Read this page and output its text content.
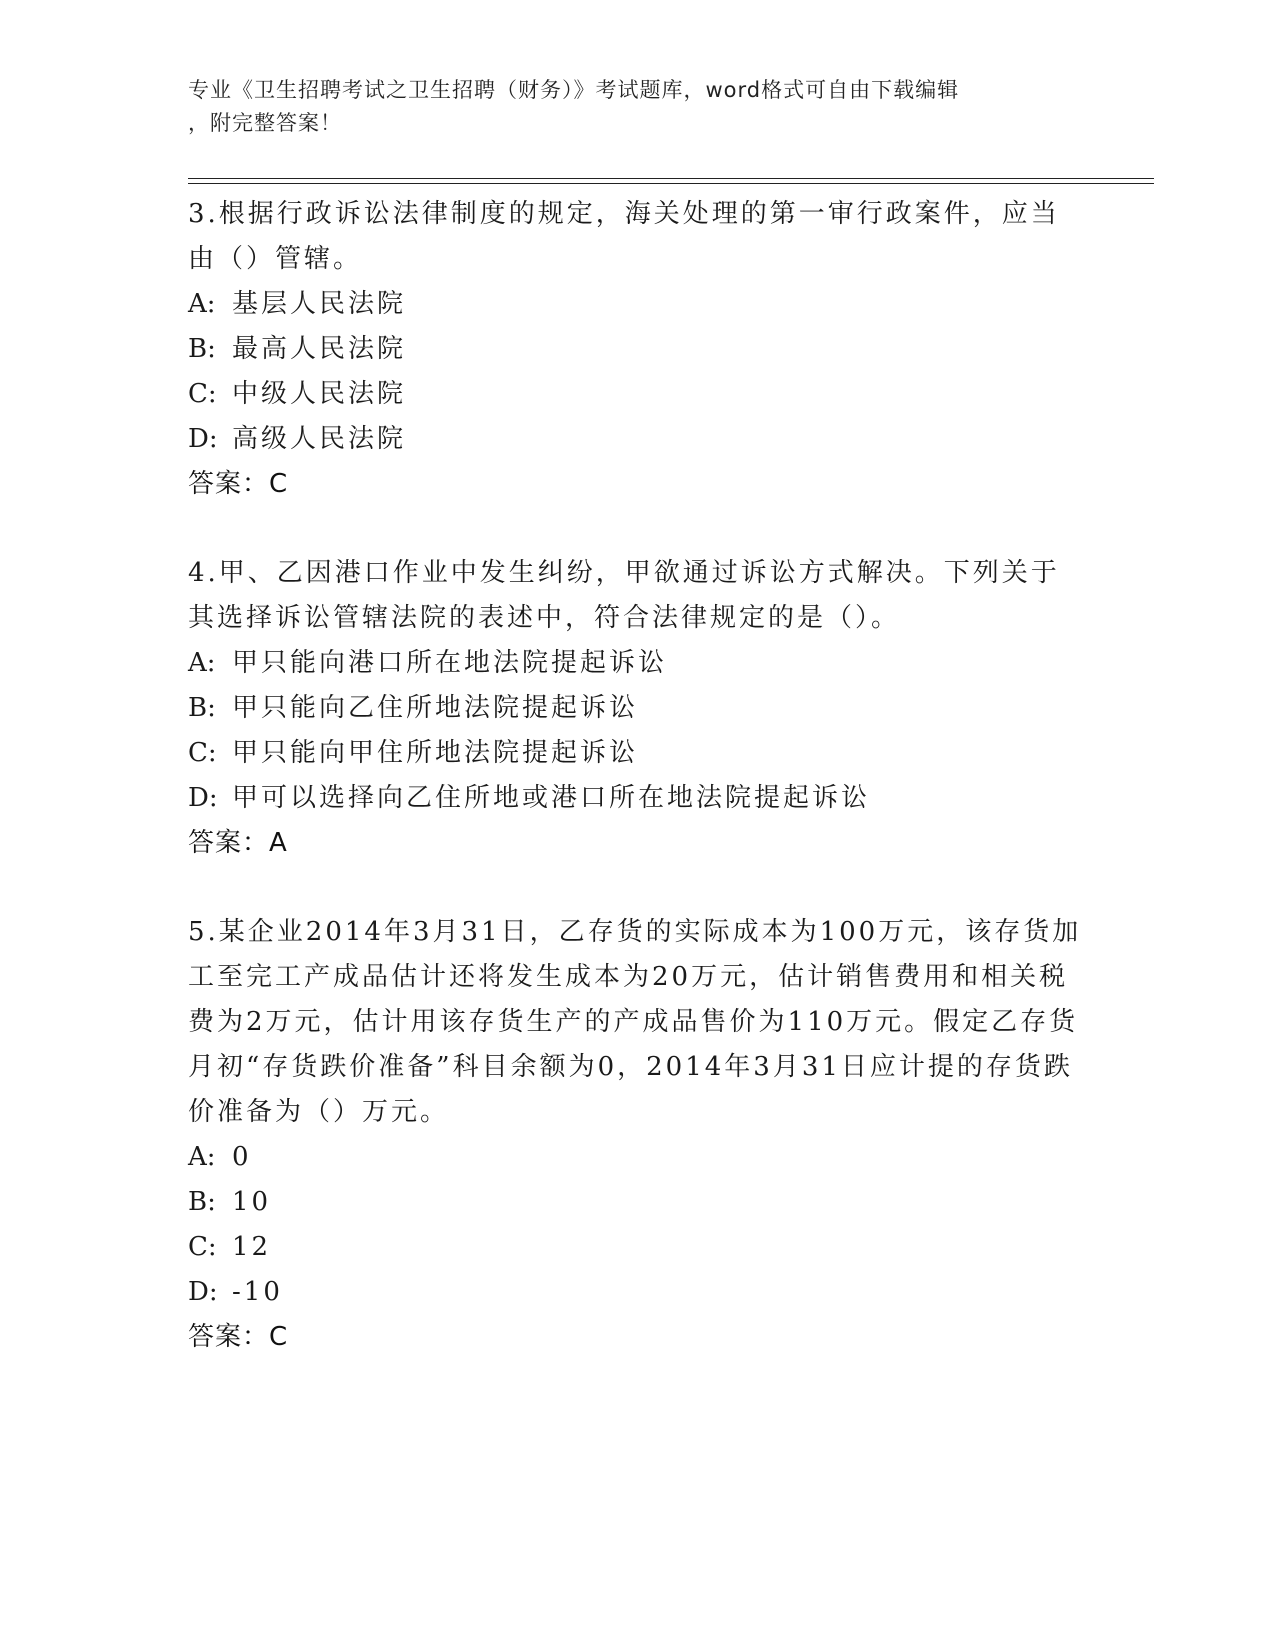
专业《卫生招聘考试之卫生招聘（财务）》考试题库，word格式可自由下载编辑
，附完整答案！
3.根据行政诉讼法律制度的规定，海关处理的第一审行政案件，应当由（）管辖。
A: 基层人民法院
B: 最高人民法院
C: 中级人民法院
D: 高级人民法院
答案：C
4.甲、乙因港口作业中发生纠纷，甲欲通过诉讼方式解决。下列关于其选择诉讼管辖法院的表述中，符合法律规定的是（）。
A: 甲只能向港口所在地法院提起诉讼
B: 甲只能向乙住所地法院提起诉讼
C: 甲只能向甲住所地法院提起诉讼
D: 甲可以选择向乙住所地或港口所在地法院提起诉讼
答案：A
5.某企业2014年3月31日，乙存货的实际成本为100万元，该存货加工至完工产成品估计还将发生成本为20万元，估计销售费用和相关税费为2万元，估计用该存货生产的产成品售价为110万元。假定乙存货月初“存货跌价准备”科目余额为0，2014年3月31日应计提的存货跌价准备为（）万元。
A: 0
B: 10
C: 12
D: -10
答案：C
